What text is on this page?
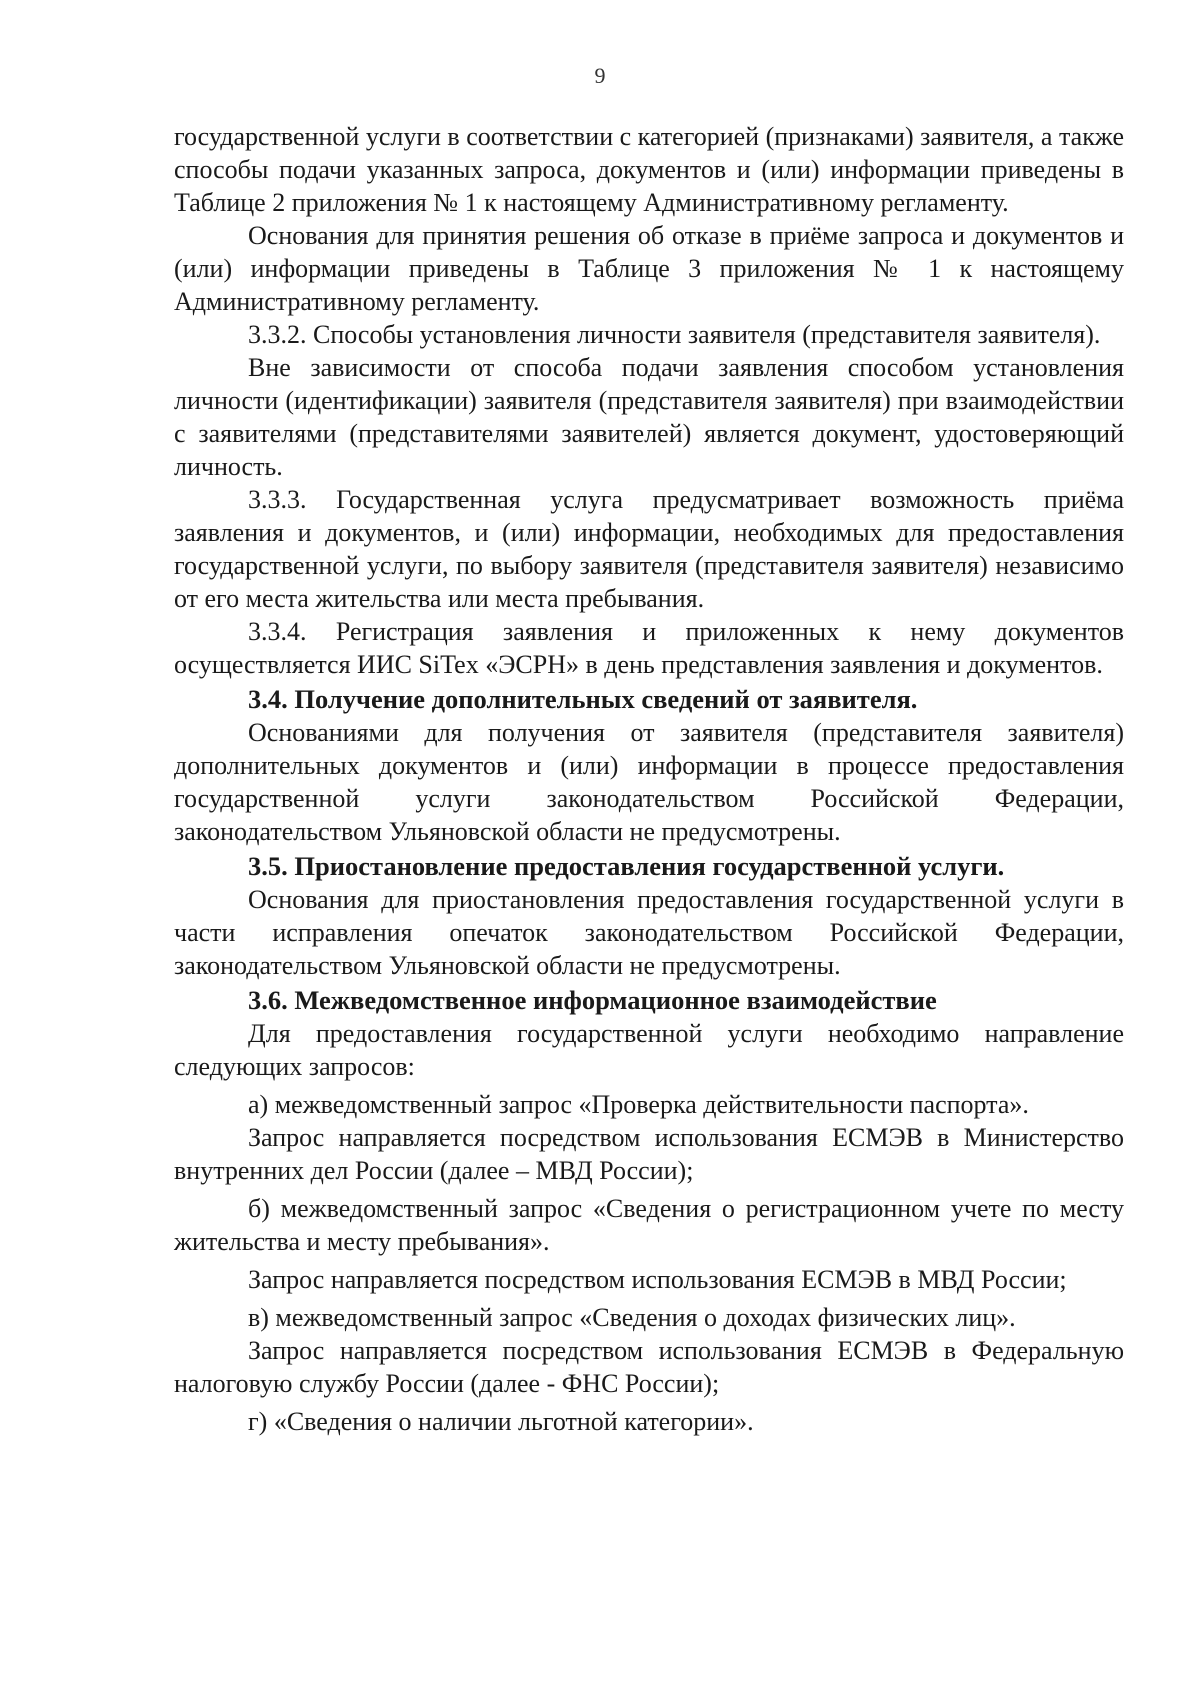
9

государственной услуги в соответствии с категорией (признаками) заявителя, а также способы подачи указанных запроса, документов и (или) информации приведены в Таблице 2 приложения № 1 к настоящему Административному регламенту.

Основания для принятия решения об отказе в приёме запроса и документов и (или) информации приведены в Таблице 3 приложения № 1 к настоящему Административному регламенту.

3.3.2. Способы установления личности заявителя (представителя заявителя).

Вне зависимости от способа подачи заявления способом установления личности (идентификации) заявителя (представителя заявителя) при взаимодействии с заявителями (представителями заявителей) является документ, удостоверяющий личность.

3.3.3. Государственная услуга предусматривает возможность приёма заявления и документов, и (или) информации, необходимых для предоставления государственной услуги, по выбору заявителя (представителя заявителя) независимо от его места жительства или места пребывания.

3.3.4. Регистрация заявления и приложенных к нему документов осуществляется ИИС SiTex «ЭСРН» в день представления заявления и документов.

3.4. Получение дополнительных сведений от заявителя.

Основаниями для получения от заявителя (представителя заявителя) дополнительных документов и (или) информации в процессе предоставления государственной услуги законодательством Российской Федерации, законодательством Ульяновской области не предусмотрены.

3.5. Приостановление предоставления государственной услуги.

Основания для приостановления предоставления государственной услуги в части исправления опечаток законодательством Российской Федерации, законодательством Ульяновской области не предусмотрены.

3.6. Межведомственное информационное взаимодействие

Для предоставления государственной услуги необходимо направление следующих запросов:

а) межведомственный запрос «Проверка действительности паспорта».

Запрос направляется посредством использования ЕСМЭВ в Министерство внутренних дел России (далее – МВД России);

б) межведомственный запрос «Сведения о регистрационном учете по месту жительства и месту пребывания».

Запрос направляется посредством использования ЕСМЭВ в МВД России;

в) межведомственный запрос «Сведения о доходах физических лиц».

Запрос направляется посредством использования ЕСМЭВ в Федеральную налоговую службу России (далее - ФНС России);

г) «Сведения о наличии льготной категории».
